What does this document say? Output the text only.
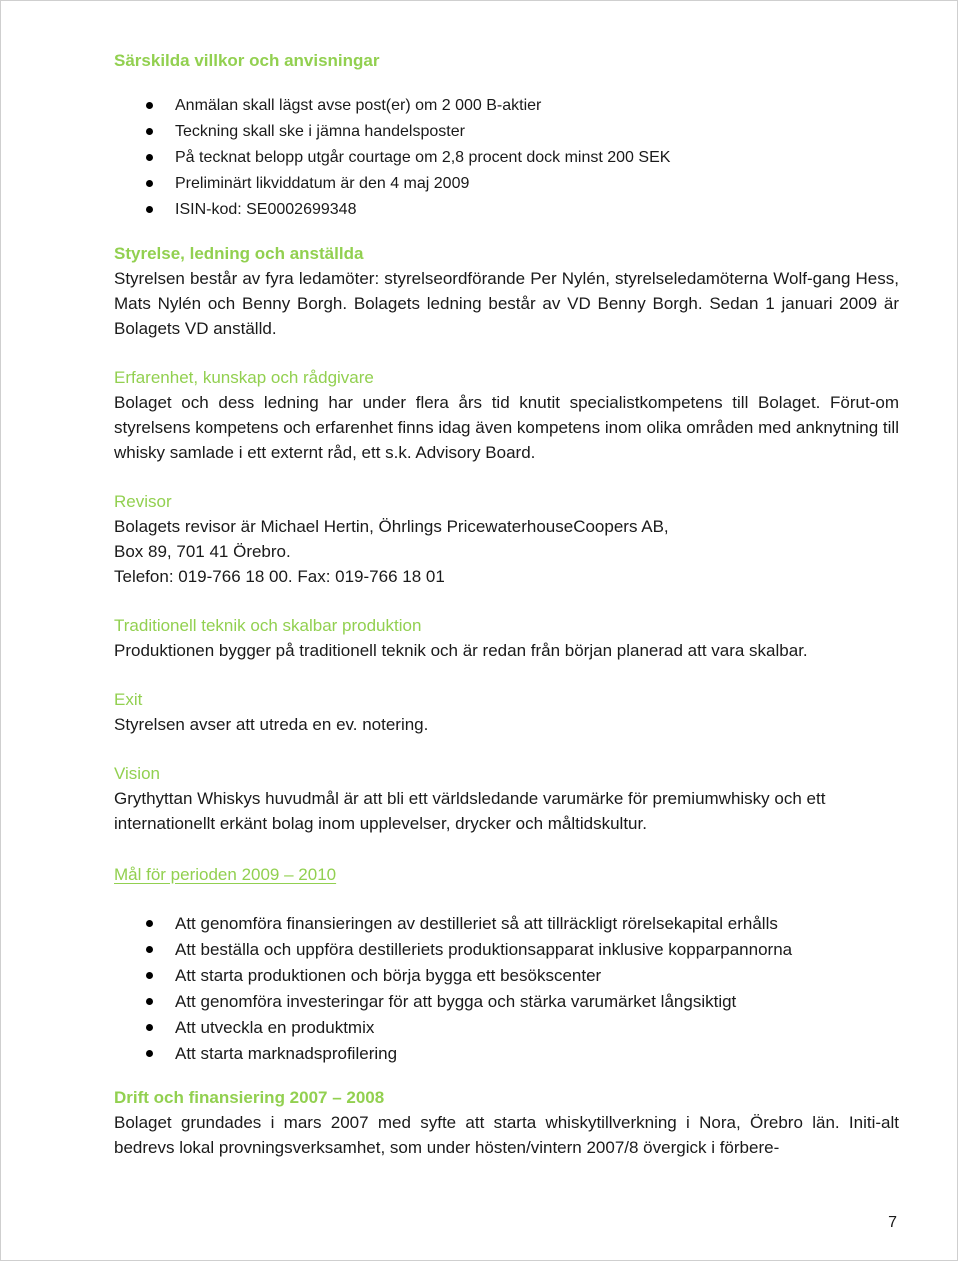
Särskilda villkor och anvisningar
Anmälan skall lägst avse post(er) om 2 000 B-aktier
Teckning skall ske i jämna handelsposter
På tecknat belopp utgår courtage om 2,8 procent dock minst 200 SEK
Preliminärt likviddatum är den 4 maj 2009
ISIN-kod: SE0002699348
Styrelse, ledning och anställda

Styrelsen består av fyra ledamöter: styrelseordförande Per Nylén, styrelseledamöterna Wolf-gang Hess, Mats Nylén och Benny Borgh. Bolagets ledning består av VD Benny Borgh. Sedan 1 januari 2009 är Bolagets VD anställd.

Erfarenhet, kunskap och rådgivare

Bolaget och dess ledning har under flera års tid knutit specialistkompetens till Bolaget. Förut-om styrelsens kompetens och erfarenhet finns idag även kompetens inom olika områden med anknytning till whisky samlade i ett externt råd, ett s.k. Advisory Board.

Revisor

Bolagets revisor är Michael Hertin, Öhrlings PricewaterhouseCoopers AB,

Box 89, 701 41 Örebro.

Telefon: 019-766 18 00. Fax: 019-766 18 01

Traditionell teknik och skalbar produktion

Produktionen bygger på traditionell teknik och är redan från början planerad att vara skalbar.

Exit

Styrelsen avser att utreda en ev. notering.

Vision

Grythyttan Whiskys huvudmål är att bli ett världsledande varumärke för premiumwhisky och ett internationellt erkänt bolag inom upplevelser, drycker och måltidskultur.

Mål för perioden 2009 – 2010
Att genomföra finansieringen av destilleriet så att tillräckligt rörelsekapital erhålls
Att beställa och uppföra destilleriets produktionsapparat inklusive kopparpannorna
Att starta produktionen och börja bygga ett besökscenter
Att genomföra investeringar för att bygga och stärka varumärket långsiktigt
Att utveckla en produktmix
Att starta marknadsprofilering
Drift och finansiering 2007 – 2008

Bolaget grundades i mars 2007 med syfte att starta whiskytillverkning i Nora, Örebro län. Initi-alt bedrevs lokal provningsverksamhet, som under hösten/vintern 2007/8 övergick i förbere-

7
